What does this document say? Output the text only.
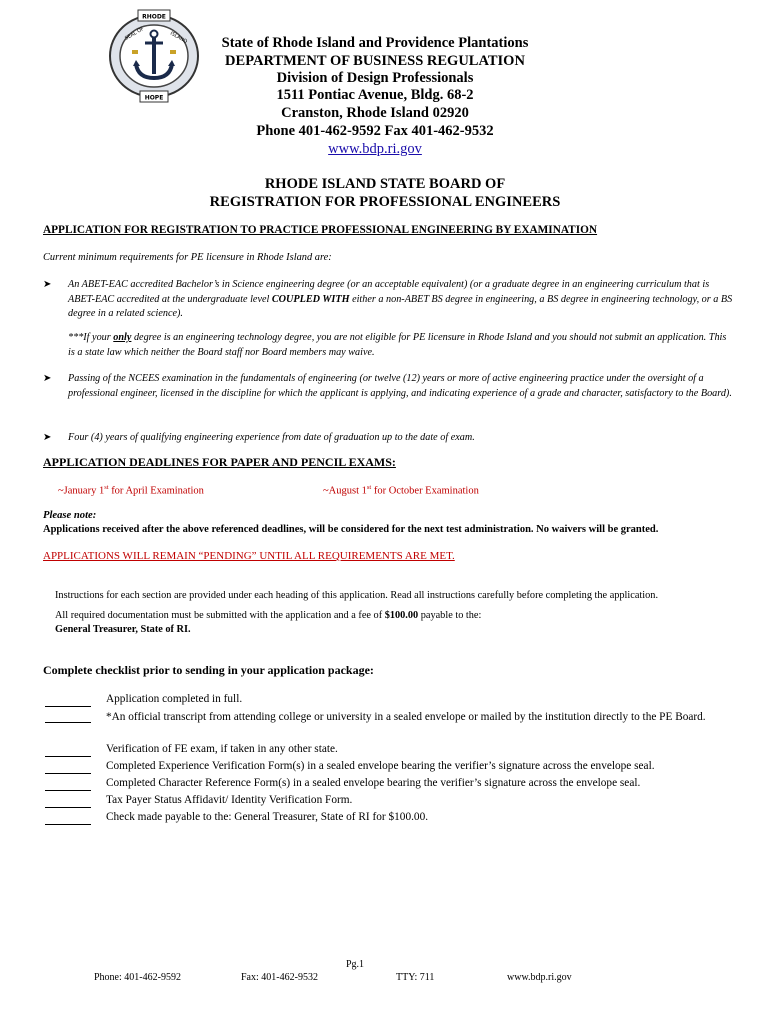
RHODE
HOPE
SEAL OF	ISLAND	State of Rhode Island and Providence Plantations
DEPARTMENT OF BUSINESS REGULATION
Division of Design Professionals
1511 Pontiac Avenue, Bldg. 68-2
Cranston, Rhode Island 02920
Phone 401-462-9592 Fax 401-462-9532
www.bdp.ri.gov
RHODE ISLAND STATE BOARD OF
REGISTRATION FOR PROFESSIONAL ENGINEERS
APPLICATION FOR REGISTRATION TO PRACTICE PROFESSIONAL ENGINEERING BY EXAMINATION
Current minimum requirements for PE licensure in Rhode Island are:
➤ An ABET-EAC accredited Bachelor’s in Science engineering degree (or an acceptable equivalent) (or a graduate degree in an engineering curriculum that is ABET-EAC accredited at the undergraduate level COUPLED WITH either a non-ABET BS degree in engineering, a BS degree in engineering technology, or a BS degree in a related science).
***If your only degree is an engineering technology degree, you are not eligible for PE licensure in Rhode Island and you should not submit an application. This is a state law which neither the Board staff nor Board members may waive.
➤ Passing of the NCEES examination in the fundamentals of engineering (or twelve (12) years or more of active engineering practice under the oversight of a professional engineer, licensed in the discipline for which the applicant is applying, and indicating experience of a grade and character, satisfactory to the Board).
➤ Four (4) years of qualifying engineering experience from date of graduation up to the date of exam.
APPLICATION DEADLINES FOR PAPER AND PENCIL EXAMS:
~January 1st for April Examination	~August 1st for October Examination
Please note:
Applications received after the above referenced deadlines, will be considered for the next test administration. No waivers will be granted.
APPLICATIONS WILL REMAIN “PENDING” UNTIL ALL REQUIREMENTS ARE MET.
Instructions for each section are provided under each heading of this application. Read all instructions carefully before completing the application.
All required documentation must be submitted with the application and a fee of $100.00 payable to the:
General Treasurer, State of RI.
Complete checklist prior to sending in your application package:
Application completed in full.
*An official transcript from attending college or university in a sealed envelope or mailed by the institution directly to the PE Board.
Verification of FE exam, if taken in any other state.
Completed Experience Verification Form(s) in a sealed envelope bearing the verifier’s signature across the envelope seal.
Completed Character Reference Form(s) in a sealed envelope bearing the verifier’s signature across the envelope seal.
Tax Payer Status Affidavit/ Identity Verification Form.
Check made payable to the: General Treasurer, State of RI for $100.00.
Pg.1
Phone: 401-462-9592	Fax: 401-462-9532	TTY: 711	www.bdp.ri.gov
